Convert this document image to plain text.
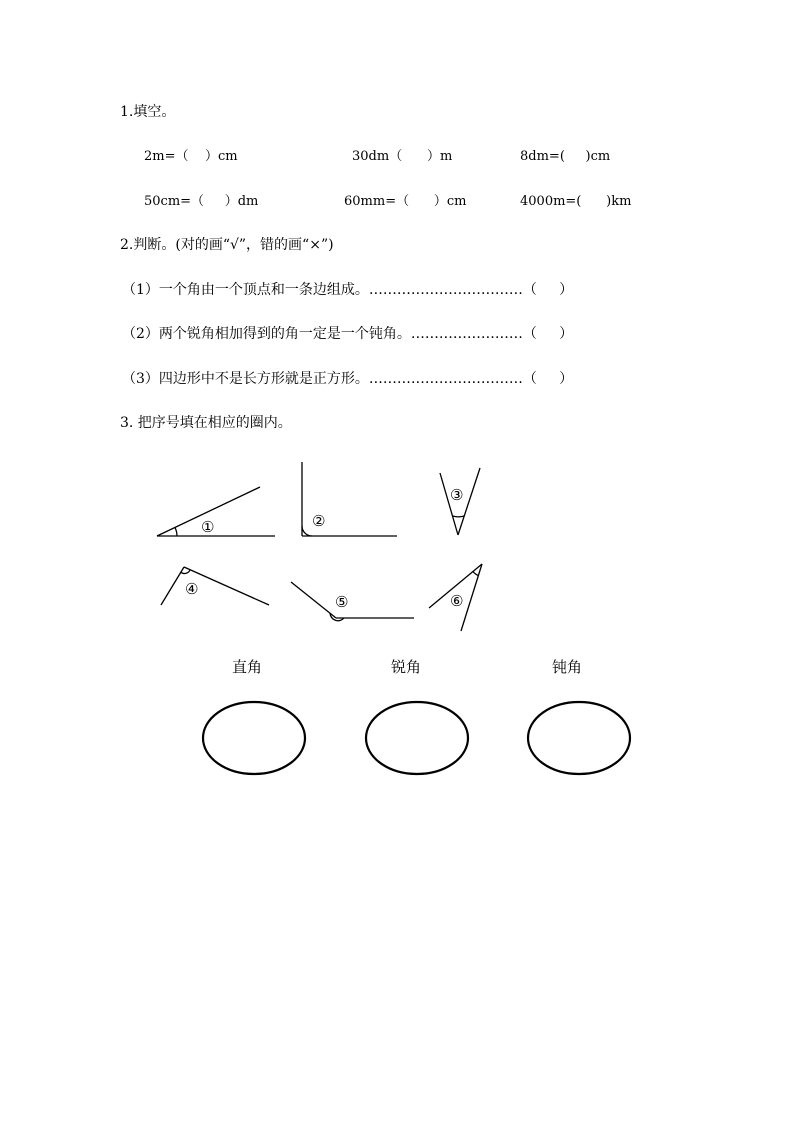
1.填空。
2m=（    ）cm	30dm（      ）m	8dm=(     )cm
50cm=（     ）dm	60mm=（      ）cm	4000m=(      )km
2.判断。(对的画“√”，错的画“×”)
（1）一个角由一个顶点和一条边组成。……………………………（     ）
（2）两个锐角相加得到的角一定是一个钝角。……………………（     ）
（3）四边形中不是长方形就是正方形。……………………………（     ）
3. 把序号填在相应的圈内。
①	②
③
④
⑤	⑥
直角	锐角	钝角
